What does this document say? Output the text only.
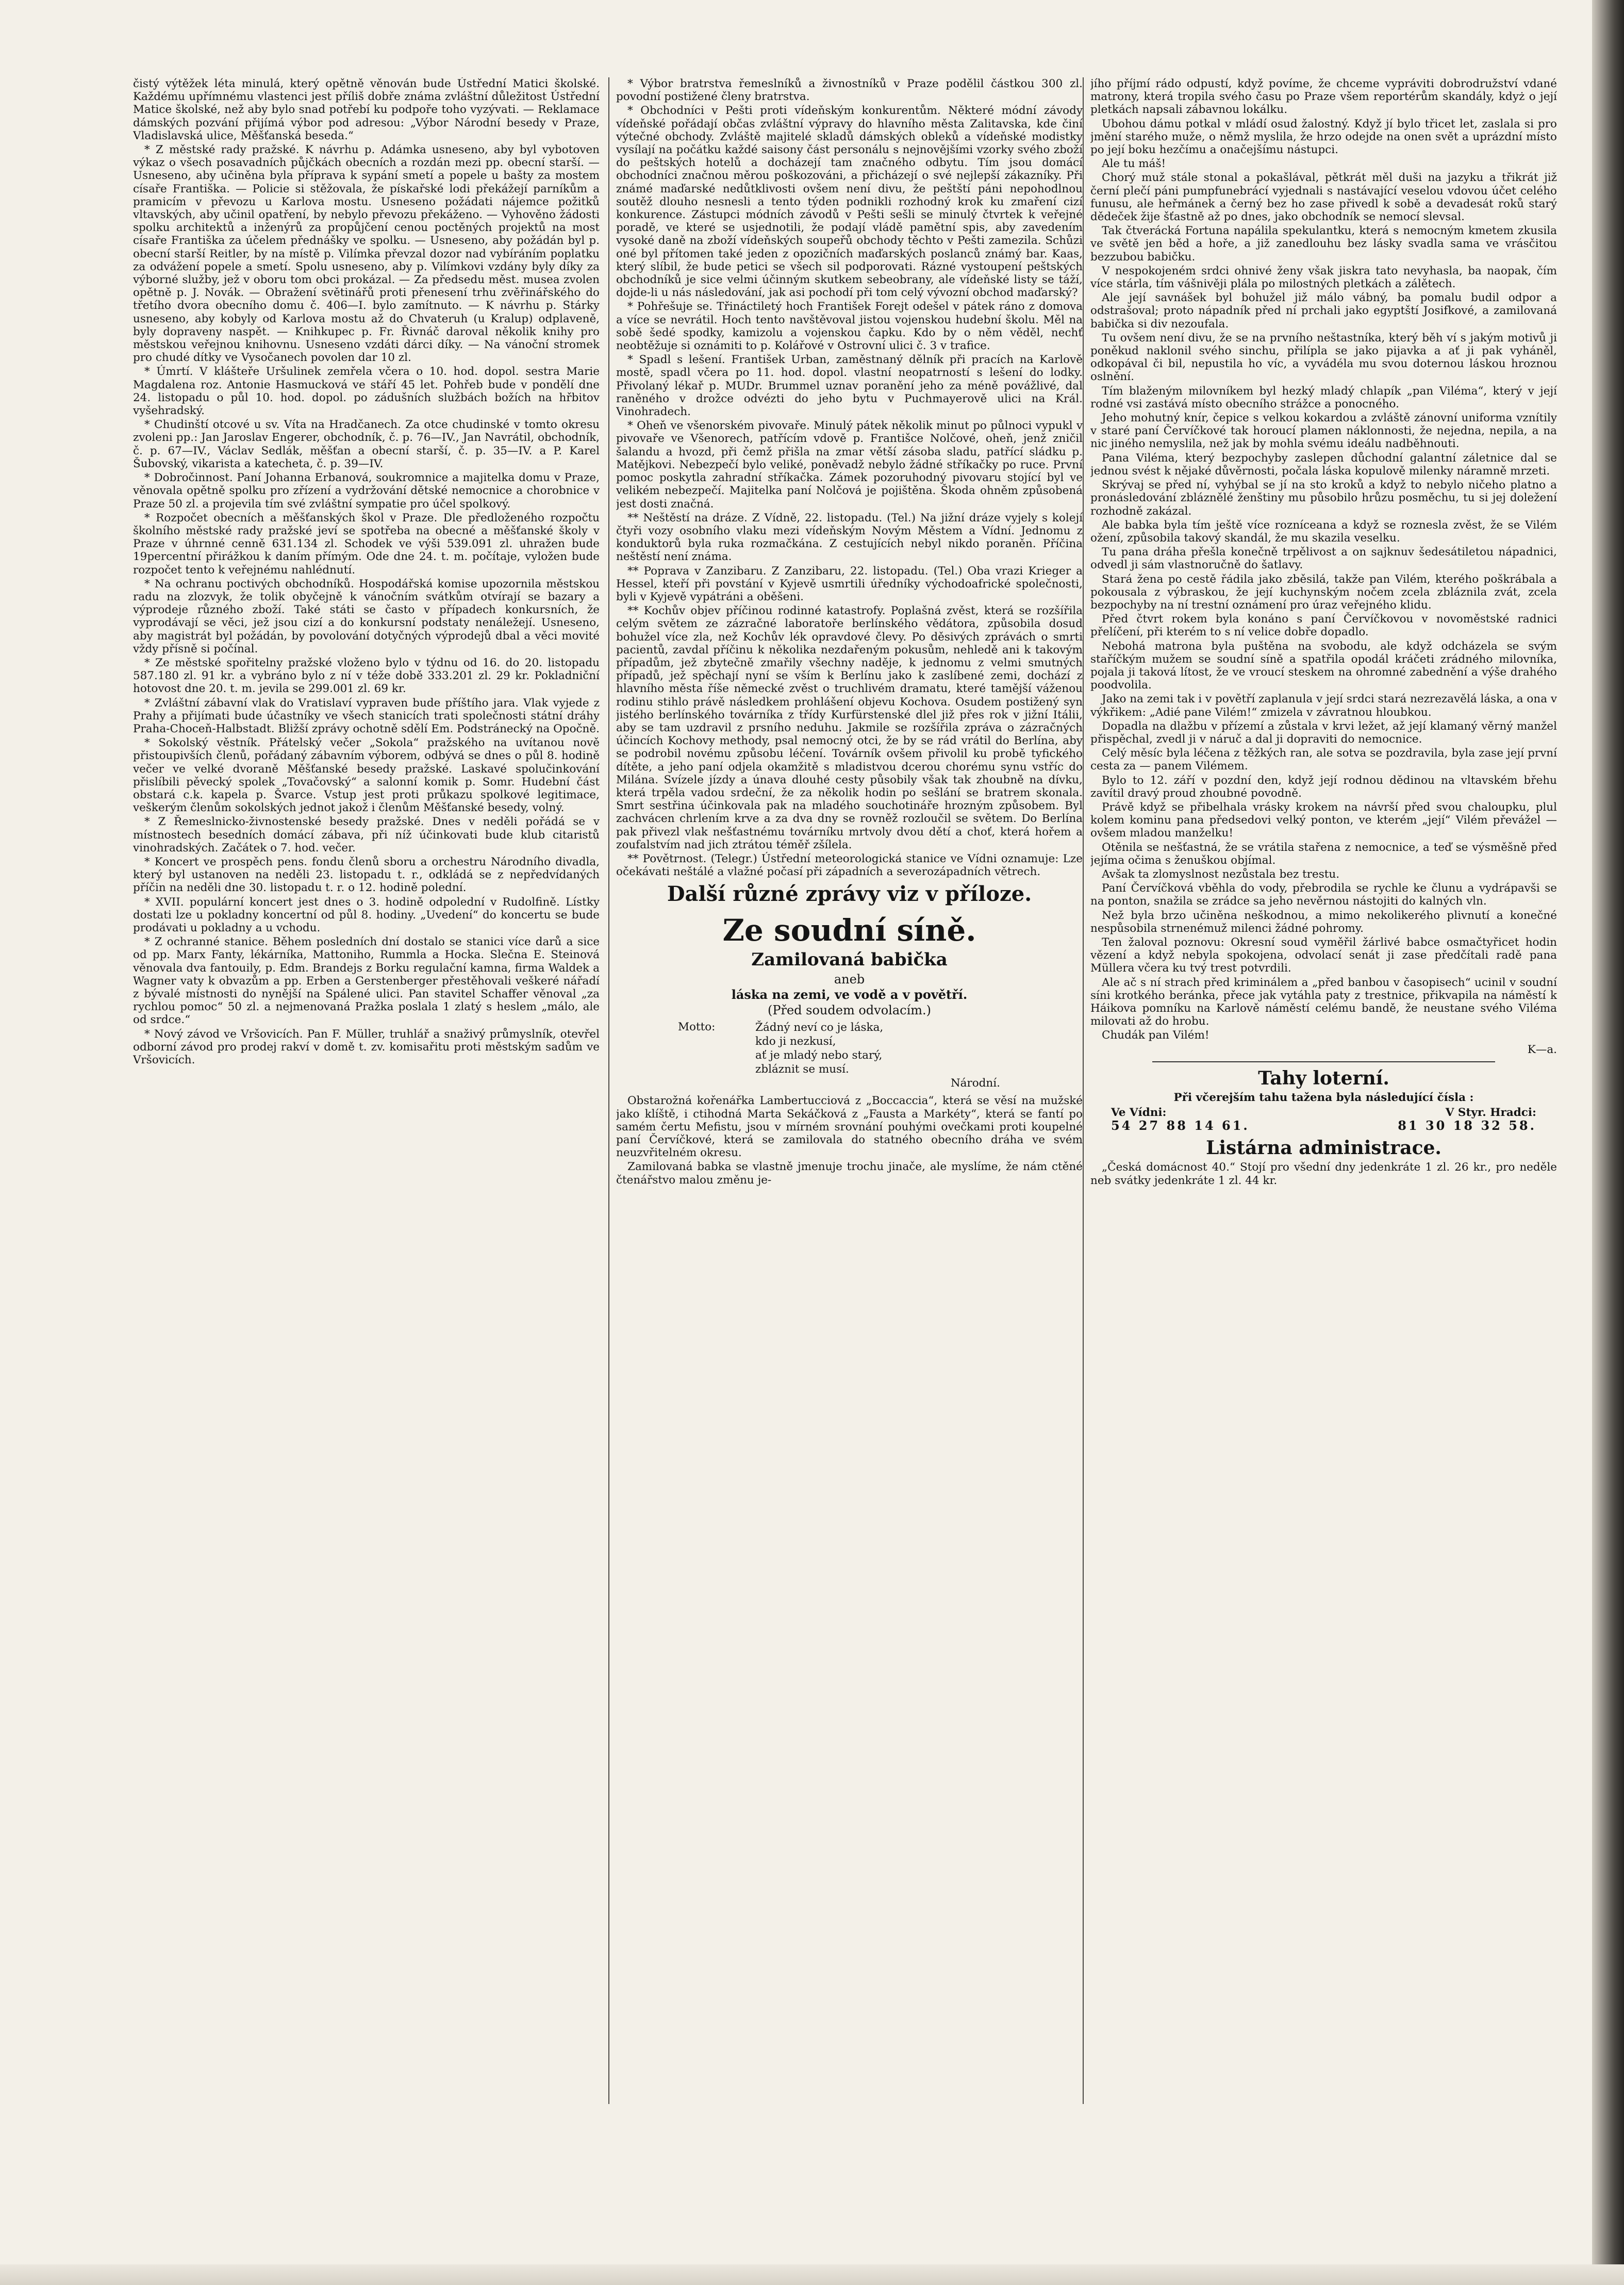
čistý výtěžek léta minulá, který opětně věnován bude Ústřední Matici školské. Každému upřímnému vlastenci jest příliš dobře známa zvláštní důležitost Ústřední Matice školské, než aby bylo snad potřebí ku podpoře toho vyzývati. — Reklamace dámských pozvání přijímá výbor pod adresou: „Výbor Národní besedy v Praze, Vladislavská ulice, Měšťanská beseda.“

* Z městské rady pražské. K návrhu p. Adámka usneseno, aby byl vybotoven výkaz o všech posavadních půjčkách obecních a rozdán mezi pp. obecní starší. — Usneseno, aby učiněna byla příprava k sypání smetí a popele u bašty za mostem císaře Františka. — Policie si stěžovala, že pískařské lodi překážejí parníkům a pramicím v převozu u Karlova mostu. Usneseno požádati nájemce požitků vltavských, aby učinil opatření, by nebylo převozu překáženo. — Vyhověno žádosti spolku architektů a inženýrů za propůjčení cenou poctěných projektů na most císaře Františka za účelem přednášky ve spolku. — Usneseno, aby požádán byl p. obecní starší Reitler, by na místě p. Vilímka převzal dozor nad vybíráním poplatku za odvážení popele a smetí. Spolu usneseno, aby p. Vilímkovi vzdány byly díky za výborné služby, jež v oboru tom obci prokázal. — Za předsedu měst. musea zvolen opětně p. J. Novák. — Obražení světinářů proti přenesení trhu zvěřinářského do třetího dvora obecního domu č. 406—I. bylo zamítnuto. — K návrhu p. Stárky usneseno, aby kobyly od Karlova mostu až do Chvateruh (u Kralup) odplaveně, byly dopraveny naspět. — Knihkupec p. Fr. Řivnáč daroval několik knihy pro městskou veřejnou knihovnu. Usneseno vzdáti dárci díky. — Na vánoční stromek pro chudé dítky ve Vysočanech povolen dar 10 zl.

* Úmrtí. V klášteře Uršulinek zemřela včera o 10. hod. dopol. sestra Marie Magdalena roz. Antonie Hasmucková ve stáří 45 let. Pohřeb bude v pondělí dne 24. listopadu o půl 10. hod. dopol. po zádušních službách božích na hřbitov vyšehradský.

* Chudinští otcové u sv. Víta na Hradčanech. Za otce chudinské v tomto okresu zvoleni pp.: Jan Jaroslav Engerer, obchodník, č. p. 76—IV., Jan Navrátil, obchodník, č. p. 67—IV., Václav Sedlák, měšťan a obecní starší, č. p. 35—IV. a P. Karel Šubovský, vikarista a katecheta, č. p. 39—IV.

* Dobročinnost. Paní Johanna Erbanová, soukromnice a majitelka domu v Praze, věnovala opětně spolku pro zřízení a vydržování dětské nemocnice a chorobnice v Praze 50 zl. a projevila tím své zvláštní sympatie pro účel spolkový.

* Rozpočet obecních a měšťanských škol v Praze. Dle předloženého rozpočtu školního městské rady pražské jeví se spotřeba na obecné a měšťanské školy v Praze v úhrnné cenně 631.134 zl. Schodek ve výši 539.091 zl. uhražen bude 19percentní přirážkou k daním přímým. Ode dne 24. t. m. počítaje, vyložen bude rozpočet tento k veřejnému nahlédnutí.

* Na ochranu poctivých obchodníků. Hospodářská komise upozornila městskou radu na zlozvyk, že tolik obyčejně k vánočním svátkům otvírají se bazary a výprodeje různého zboží. Také státi se často v případech konkursních, že vyprodávají se věci, jež jsou cizí a do konkursní podstaty nenáležejí. Usneseno, aby magistrát byl požádán, by povolování dotyčných výprodejů dbal a věci movité vždy přísně si počínal.

* Ze městské spořitelny pražské vloženo bylo v týdnu od 16. do 20. listopadu 587.180 zl. 91 kr. a vybráno bylo z ní v téže době 333.201 zl. 29 kr. Pokladniční hotovost dne 20. t. m. jevila se 299.001 zl. 69 kr.

* Zvláštní zábavní vlak do Vratislaví vypraven bude příštího jara. Vlak vyjede z Prahy a přijímati bude účastníky ve všech stanicích trati společnosti státní dráhy Praha-Choceň-Halbstadt. Bližší zprávy ochotně sdělí Em. Podstránecký na Opočně.

* Sokolský věstník. Přátelský večer „Sokola“ pražského na uvítanou nově přistoupivších členů, pořádaný zábavním výborem, odbývá se dnes o půl 8. hodině večer ve velké dvoraně Měšťanské besedy pražské. Laskavé spolučinkování přislíbili pěvecký spolek „Tovačovský“ a salonní komik p. Somr. Hudební část obstará c.k. kapela p. Švarce. Vstup jest proti průkazu spolkové legitimace, veškerým členům sokolských jednot jakož i členům Měšťanské besedy, volný.

* Z Řemeslnicko-živnostenské besedy pražské. Dnes v neděli pořádá se v místnostech besedních domácí zábava, při níž účinkovati bude klub citaristů vinohradských. Začátek o 7. hod. večer.

* Koncert ve prospěch pens. fondu členů sboru a orchestru Národního divadla, který byl ustanoven na neděli 23. listopadu t. r., odkládá se z nepředvídaných příčin na neděli dne 30. listopadu t. r. o 12. hodině polední.

* XVII. populární koncert jest dnes o 3. hodině odpolední v Rudolfině. Lístky dostati lze u pokladny koncertní od půl 8. hodiny. „Uvedení“ do koncertu se bude prodávati u pokladny a u vchodu.

* Z ochranné stanice. Během posledních dní dostalo se stanici více darů a sice od pp. Marx Fanty, lékárníka, Mattoniho, Rummla a Hocka. Slečna E. Steinová věnovala dva fantouily, p. Edm. Brandejs z Borku regulační kamna, firma Waldek a Wagner vaty k obvazům a pp. Erben a Gerstenberger přestěhovali veškeré nářadí z bývalé místnosti do nynější na Spálené ulici. Pan stavitel Schaffer věnoval „za rychlou pomoc“ 50 zl. a nejmenovaná Pražka poslala 1 zlatý s heslem „málo, ale od srdce.“

* Nový závod ve Vršovicích. Pan F. Müller, truhlář a snaživý průmyslník, otevřel odborní závod pro prodej rakví v domě t. zv. komisařitu proti městským sadům ve Vršovicích.

* Výbor bratrstva řemeslníků a živnostníků v Praze podělil částkou 300 zl. povodní postižené členy bratrstva.

* Obchodníci v Pešti proti vídeňským konkurentům. Některé módní závody vídeňské pořádají občas zvláštní výpravy do hlavního města Zalitavska, kde činí výtečné obchody. Zvláště majitelé skladů dámských obleků a vídeňské modistky vysílají na počátku každé saisony část personálu s nejnovějšími vzorky svého zboží do peštských hotelů a docházejí tam značného odbytu. Tím jsou domácí obchodníci značnou měrou poškozováni, a přicházejí o své nejlepší zákazníky. Při známé maďarské nedůtklivosti ovšem není divu, že peštští páni nepohodlnou soutěž dlouho nesnesli a tento týden podnikli rozhodný krok ku zmaření cizí konkurence. Zástupci módních závodů v Pešti sešli se minulý čtvrtek k veřejné poradě, ve které se usjednotili, že podají vládě pamětní spis, aby zavedením vysoké daně na zboží vídeňských soupeřů obchody těchto v Pešti zamezila. Schůzi oné byl přítomen také jeden z opozičních maďarských poslanců známý bar. Kaas, který slíbil, že bude petici se všech sil podporovati. Rázné vystoupení peštských obchodníků je sice velmi účinným skutkem sebeobrany, ale vídeňské listy se táží, dojde-li u nás následování, jak asi pochodí při tom celý vývozní obchod maďarský?

* Pohřešuje se. Třináctiletý hoch František Forejt odešel v pátek ráno z domova a více se nevrátil. Hoch tento navštěvoval jistou vojenskou hudební školu. Měl na sobě šedé spodky, kamizolu a vojenskou čapku. Kdo by o něm věděl, nechť neobtěžuje si oznámiti to p. Kolářové v Ostrovní ulici č. 3 v trafice.

* Spadl s lešení. František Urban, zaměstnaný dělník při pracích na Karlově mostě, spadl včera po 11. hod. dopol. vlastní neopatrností s lešení do lodky. Přivolaný lékař p. MUDr. Brummel uznav poranění jeho za méně povážlivé, dal raněného v drožce odvézti do jeho bytu v Puchmayerově ulici na Král. Vinohradech.

* Oheň ve všenorském pivovaře. Minulý pátek několik minut po půlnoci vypukl v pivovaře ve Všenorech, patřícím vdově p. Františce Nolčové, oheň, jenž zničil šalandu a hvozd, při čemž přišla na zmar větší zásoba sladu, patřící sládku p. Matějkovi. Nebezpečí bylo veliké, poněvadž nebylo žádné stříkačky po ruce. První pomoc poskytla zahradní stříkačka. Zámek pozoruhodný pivovaru stojící byl ve velikém nebezpečí. Majitelka paní Nolčová je pojištěna. Škoda ohněm způsobená jest dosti značná.

** Neštěstí na dráze. Z Vídně, 22. listopadu. (Tel.) Na jižní dráze vyjely s kolejí čtyři vozy osobního vlaku mezi vídeňským Novým Městem a Vídní. Jednomu z konduktorů byla ruka rozmačkána. Z cestujících nebyl nikdo poraněn. Příčina neštěstí není známa.

** Poprava v Zanzibaru. Z Zanzibaru, 22. listopadu. (Tel.) Oba vrazi Krieger a Hessel, kteří při povstání v Kyjevě usmrtili úředníky východoafrické společnosti, byli v Kyjevě vypátráni a oběšeni.

** Kochův objev příčinou rodinné katastrofy. Poplašná zvěst, která se rozšířila celým světem ze zázračné laboratoře berlínského vědátora, způsobila dosud bohužel více zla, než Kochův lék opravdové člevy. Po děsivých zprávách o smrti pacientů, zavdal příčinu k několika nezdařeným pokusům, nehledě ani k takovým případům, jež zbytečně zmařily všechny naděje, k jednomu z velmi smutných případů, jež spěchají nyní se vším k Berlínu jako k zaslíbené zemi, dochází z hlavního města říše německé zvěst o truchlivém dramatu, které tamější váženou rodinu stihlo právě následkem prohlášení objevu Kochova. Osudem postižený syn jistého berlínského továrníka z třídy Kurfürstenské dlel již přes rok v jižní Itálii, aby se tam uzdravil z prsního neduhu. Jakmile se rozšířila zpráva o zázračných účincích Kochovy methody, psal nemocný otci, že by se rád vrátil do Berlína, aby se podrobil novému způsobu léčení. Továrník ovšem přivolil ku probě tyfického dítěte, a jeho paní odjela okamžitě s mladistvou dcerou chorému synu vstříc do Milána. Svízele jízdy a únava dlouhé cesty působily však tak zhoubně na dívku, která trpěla vadou srdeční, že za několik hodin po sešlání se bratrem skonala. Smrt sestřina účinkovala pak na mladého souchotináře hrozným způsobem. Byl zachvácen chrlením krve a za dva dny se rovněž rozloučil se světem. Do Berlína pak přivezl vlak nešťastnému továrníku mrtvoly dvou dětí a choť, která hořem a zoufalstvím nad jich ztrátou téměř zšílela.

** Povětrnost. (Telegr.) Ústřední meteorologická stanice ve Vídni oznamuje: Lze očekávati neštálé a vlažné počasí při západních a severozápadních větrech.

Další různé zprávy viz v příloze.
Ze soudní síně.
Zamilovaná babička
aneb
láska na zemi, ve vodě a v povětří.
(Před soudem odvolacím.)
Motto:	Žádný neví co je láska,
kdo ji nezkusí,
ať je mladý nebo starý,
zbláznit se musí.
Národní.

Obstarožná kořenářka Lambertucciová z „Boccaccia“, která se věsí na mužské jako klíště, i ctihodná Marta Sekáčková z „Fausta a Markéty“, která se fantí po samém čertu Mefistu, jsou v mírném srovnání pouhými ovečkami proti koupelné paní Červíčkové, která se zamilovala do statného obecního dráha ve svém neuzvřitelném okresu.

Zamilovaná babka se vlastně jmenuje trochu jinače, ale myslíme, že nám ctěné čtenářstvo malou změnu je-

jího příjmí rádo odpustí, když povíme, že chceme vypráviti dobrodružství vdané matrony, která tropila svého času po Praze všem reportérům skandály, kdyż o její pletkách napsali zábavnou lokálku.

Ubohou dámu potkal v mládí osud žalostný. Když jí bylo třicet let, zaslala si pro jmění starého muže, o němž myslila, že hrzo odejde na onen svět a uprázdní místo po její boku hezčímu a onačejšímu nástupci.

Ale tu máš!

Chorý muž stále stonal a pokašlával, pětkrát měl duši na jazyku a třikrát již černí plečí páni pumpfunebrácí vyjednali s nastávající veselou vdovou účet celého funusu, ale heřmánek a černý bez ho zase přivedl k sobě a devadesát roků starý dědeček žije šťastně až po dnes, jako obchodník se nemocí slevsal.

Tak čtverácká Fortuna napálila spekulantku, která s nemocným kmetem zkusila ve světě jen běd a hoře, a již zanedlouhu bez lásky svadla sama ve vrásčitou bezzubou babičku.

V nespokojeném srdci ohnivé ženy však jiskra tato nevyhasla, ba naopak, čím více stárla, tím vášnivěji plála po milostných pletkách a zálětech.

Ale její savnášek byl bohužel již málo vábný, ba pomalu budil odpor a odstrašoval; proto nápadník před ní prchali jako egyptští Josifkové, a zamilovaná babička si div nezoufala.

Tu ovšem není divu, že se na prvního neštastníka, který běh ví s jakým motivů ji poněkud naklonil svého sinchu, přilípla se jako pijavka a ať ji pak vyháněl, odkopával či bil, nepustila ho víc, a vyvádéla mu svou doternou láskou hroznou oslnění.

Tím blaženým milovníkem byl hezký mladý chlapík „pan Viléma“, který v její rodné vsi zastává místo obecního strážce a ponocného.

Jeho mohutný knír, čepice s velkou kokardou a zvláště zánovní uniforma vznítily v staré paní Červíčkové tak horoucí plamen náklonnosti, že nejedna, nepila, a na nic jiného nemyslila, než jak by mohla svému ideálu nadběhnouti.

Pana Viléma, který bezpochyby zaslepen důchodní galantní záletnice dal se jednou svést k nějaké důvěrnosti, počala láska kopulově milenky náramně mrzeti.

Skrývaj se před ní, vyhýbal se jí na sto kroků a když to nebylo ničeho platno a pronásledování zbláznělé ženštiny mu působilo hrůzu posměchu, tu si jej doležení rozhodně zakázal.

Ale babka byla tím ještě více rozníceana a když se roznesla zvěst, že se Vilém ožení, způsobila takový skandál, že mu skazila veselku.

Tu pana dráha přešla konečně trpělivost a on sajknuv šedesátiletou nápadnici, odvedl ji sám vlastnoručně do šatlavy.

Stará žena po cestě řádila jako zběsilá, takže pan Vilém, kterého poškrábala a pokousala z výbraskou, že její kuchynským nočem zcela zbláznila zvát, zcela bezpochyby na ní trestní oznámení pro úraz veřejného klidu.

Před čtvrt rokem byla konáno s paní Červíčkovou v novoměstské radnici přelíčení, při kterém to s ní velice dobře dopadlo.

Nebohá matrona byla puštěna na svobodu, ale když odcházela se svým staříčkým mužem se soudní síně a spatřila opodál kráčeti zrádného milovníka, pojala ji taková lítost, že ve vroucí steskem na ohromné zabednění a výše drahého poodvolila.

Jako na zemi tak i v povětří zaplanula v její srdci stará nezrezavělá láska, a ona v výkřikem: „Adié pane Vilém!“ zmizela v závratnou hloubkou.

Dopadla na dlažbu v přízemí a zůstala v krvi ležet, až její klamaný věrný manžel přispěchal, zvedl ji v náruč a dal ji dopraviti do nemocnice.

Celý měsíc byla léčena z těžkých ran, ale sotva se pozdravila, byla zase její první cesta za — panem Vilémem.

Bylo to 12. září v pozdní den, když její rodnou dědinou na vltavském břehu zavítil dravý proud zhoubné povodně.

Právě když se přibelhala vrásky krokem na návrší před svou chaloupku, plul kolem kominu pana předsedovi velký ponton, ve kterém „její“ Vilém převážel — ovšem mladou manželku!

Otěnila se nešťastná, že se vrátila stařena z nemocnice, a teď se výsměšně před jejíma očima s ženuškou objímal.

Avšak ta zlomyslnost nezůstala bez trestu.

Paní Červíčková vběhla do vody, přebrodila se rychle ke člunu a vydrápavši se na ponton, snažila se zrádce sa jeho nevěrnou nástojiti do kalných vln.

Než byla brzo učiněna neškodnou, a mimo nekolikerého plivnutí a konečné nespůsobila strnenémuž milenci žádné pohromy.

Ten žaloval poznovu: Okresní soud vyměřil žárlivé babce osmačtyřicet hodin vězení a když nebyla spokojena, odvolací senát ji zase předčítali radě pana Müllera včera ku tvý trest potvrdili.

Ale ač s ní strach před kriminálem a „před banbou v časopisech“ ucinil v soudní síni krotkého beránka, přece jak vytáhla paty z trestnice, přikvapila na náměstí k Háikova pomníku na Karlově náměstí celému bandě, že neustane svého Viléma milovati až do hrobu.

Chudák pan Vilém!

K—a.

Tahy loterní.
Při včerejším tahu tažena byla následující čísla :
Ve Vídni:	V Styr. Hradci:
54 27 88 14 61.	81 30 18 32 58.
Listárna administrace.

„Česká domácnost 40.“ Stojí pro všední dny jedenkráte 1 zl. 26 kr., pro neděle neb svátky jedenkráte 1 zl. 44 kr.
